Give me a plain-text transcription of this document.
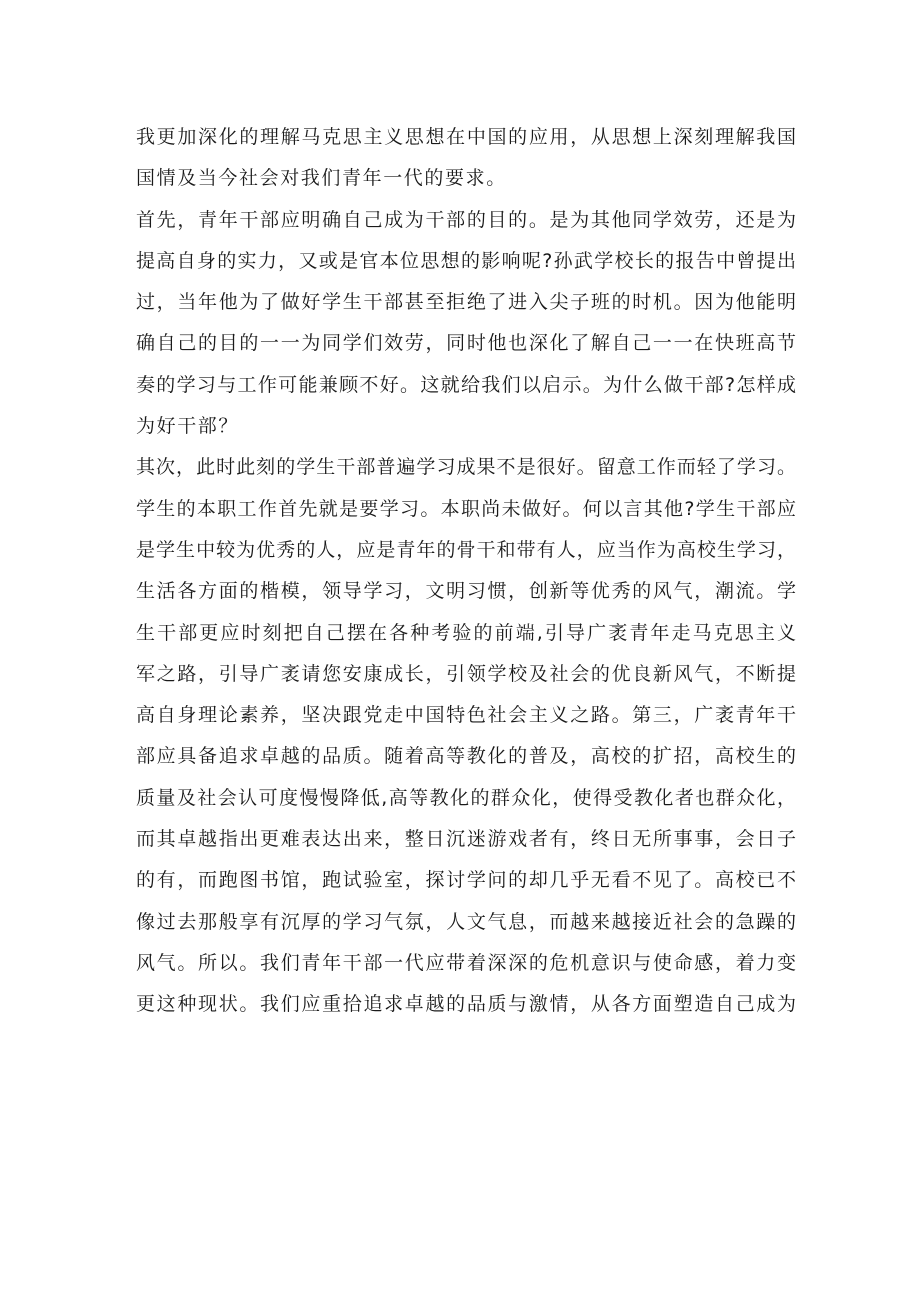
我更加深化的理解马克思主义思想在中国的应用，从思想上深刻理解我国
国情及当今社会对我们青年一代的要求。
首先，青年干部应明确自己成为干部的目的。是为其他同学效劳，还是为
提高自身的实力，又或是官本位思想的影响呢?孙武学校长的报告中曾提出
过，当年他为了做好学生干部甚至拒绝了进入尖子班的时机。因为他能明
确自己的目的一一为同学们效劳，同时他也深化了解自己一一在快班高节
奏的学习与工作可能兼顾不好。这就给我们以启示。为什么做干部?怎样成
为好干部？
其次，此时此刻的学生干部普遍学习成果不是很好。留意工作而轻了学习。
学生的本职工作首先就是要学习。本职尚未做好。何以言其他?学生干部应
是学生中较为优秀的人，应是青年的骨干和带有人，应当作为高校生学习，
生活各方面的楷模，领导学习，文明习惯，创新等优秀的风气，潮流。学
生干部更应时刻把自己摆在各种考验的前端,引导广袤青年走马克思主义
军之路，引导广袤请您安康成长，引领学校及社会的优良新风气，不断提
高自身理论素养，坚决跟党走中国特色社会主义之路。第三，广袤青年干
部应具备追求卓越的品质。随着高等教化的普及，高校的扩招，高校生的
质量及社会认可度慢慢降低,高等教化的群众化，使得受教化者也群众化，
而其卓越指出更难表达出来，整日沉迷游戏者有，终日无所事事，会日子
的有，而跑图书馆，跑试验室，探讨学问的却几乎无看不见了。高校已不
像过去那般享有沉厚的学习气氛，人文气息，而越来越接近社会的急躁的
风气。所以。我们青年干部一代应带着深深的危机意识与使命感，着力变
更这种现状。我们应重拾追求卓越的品质与激情，从各方面塑造自己成为
